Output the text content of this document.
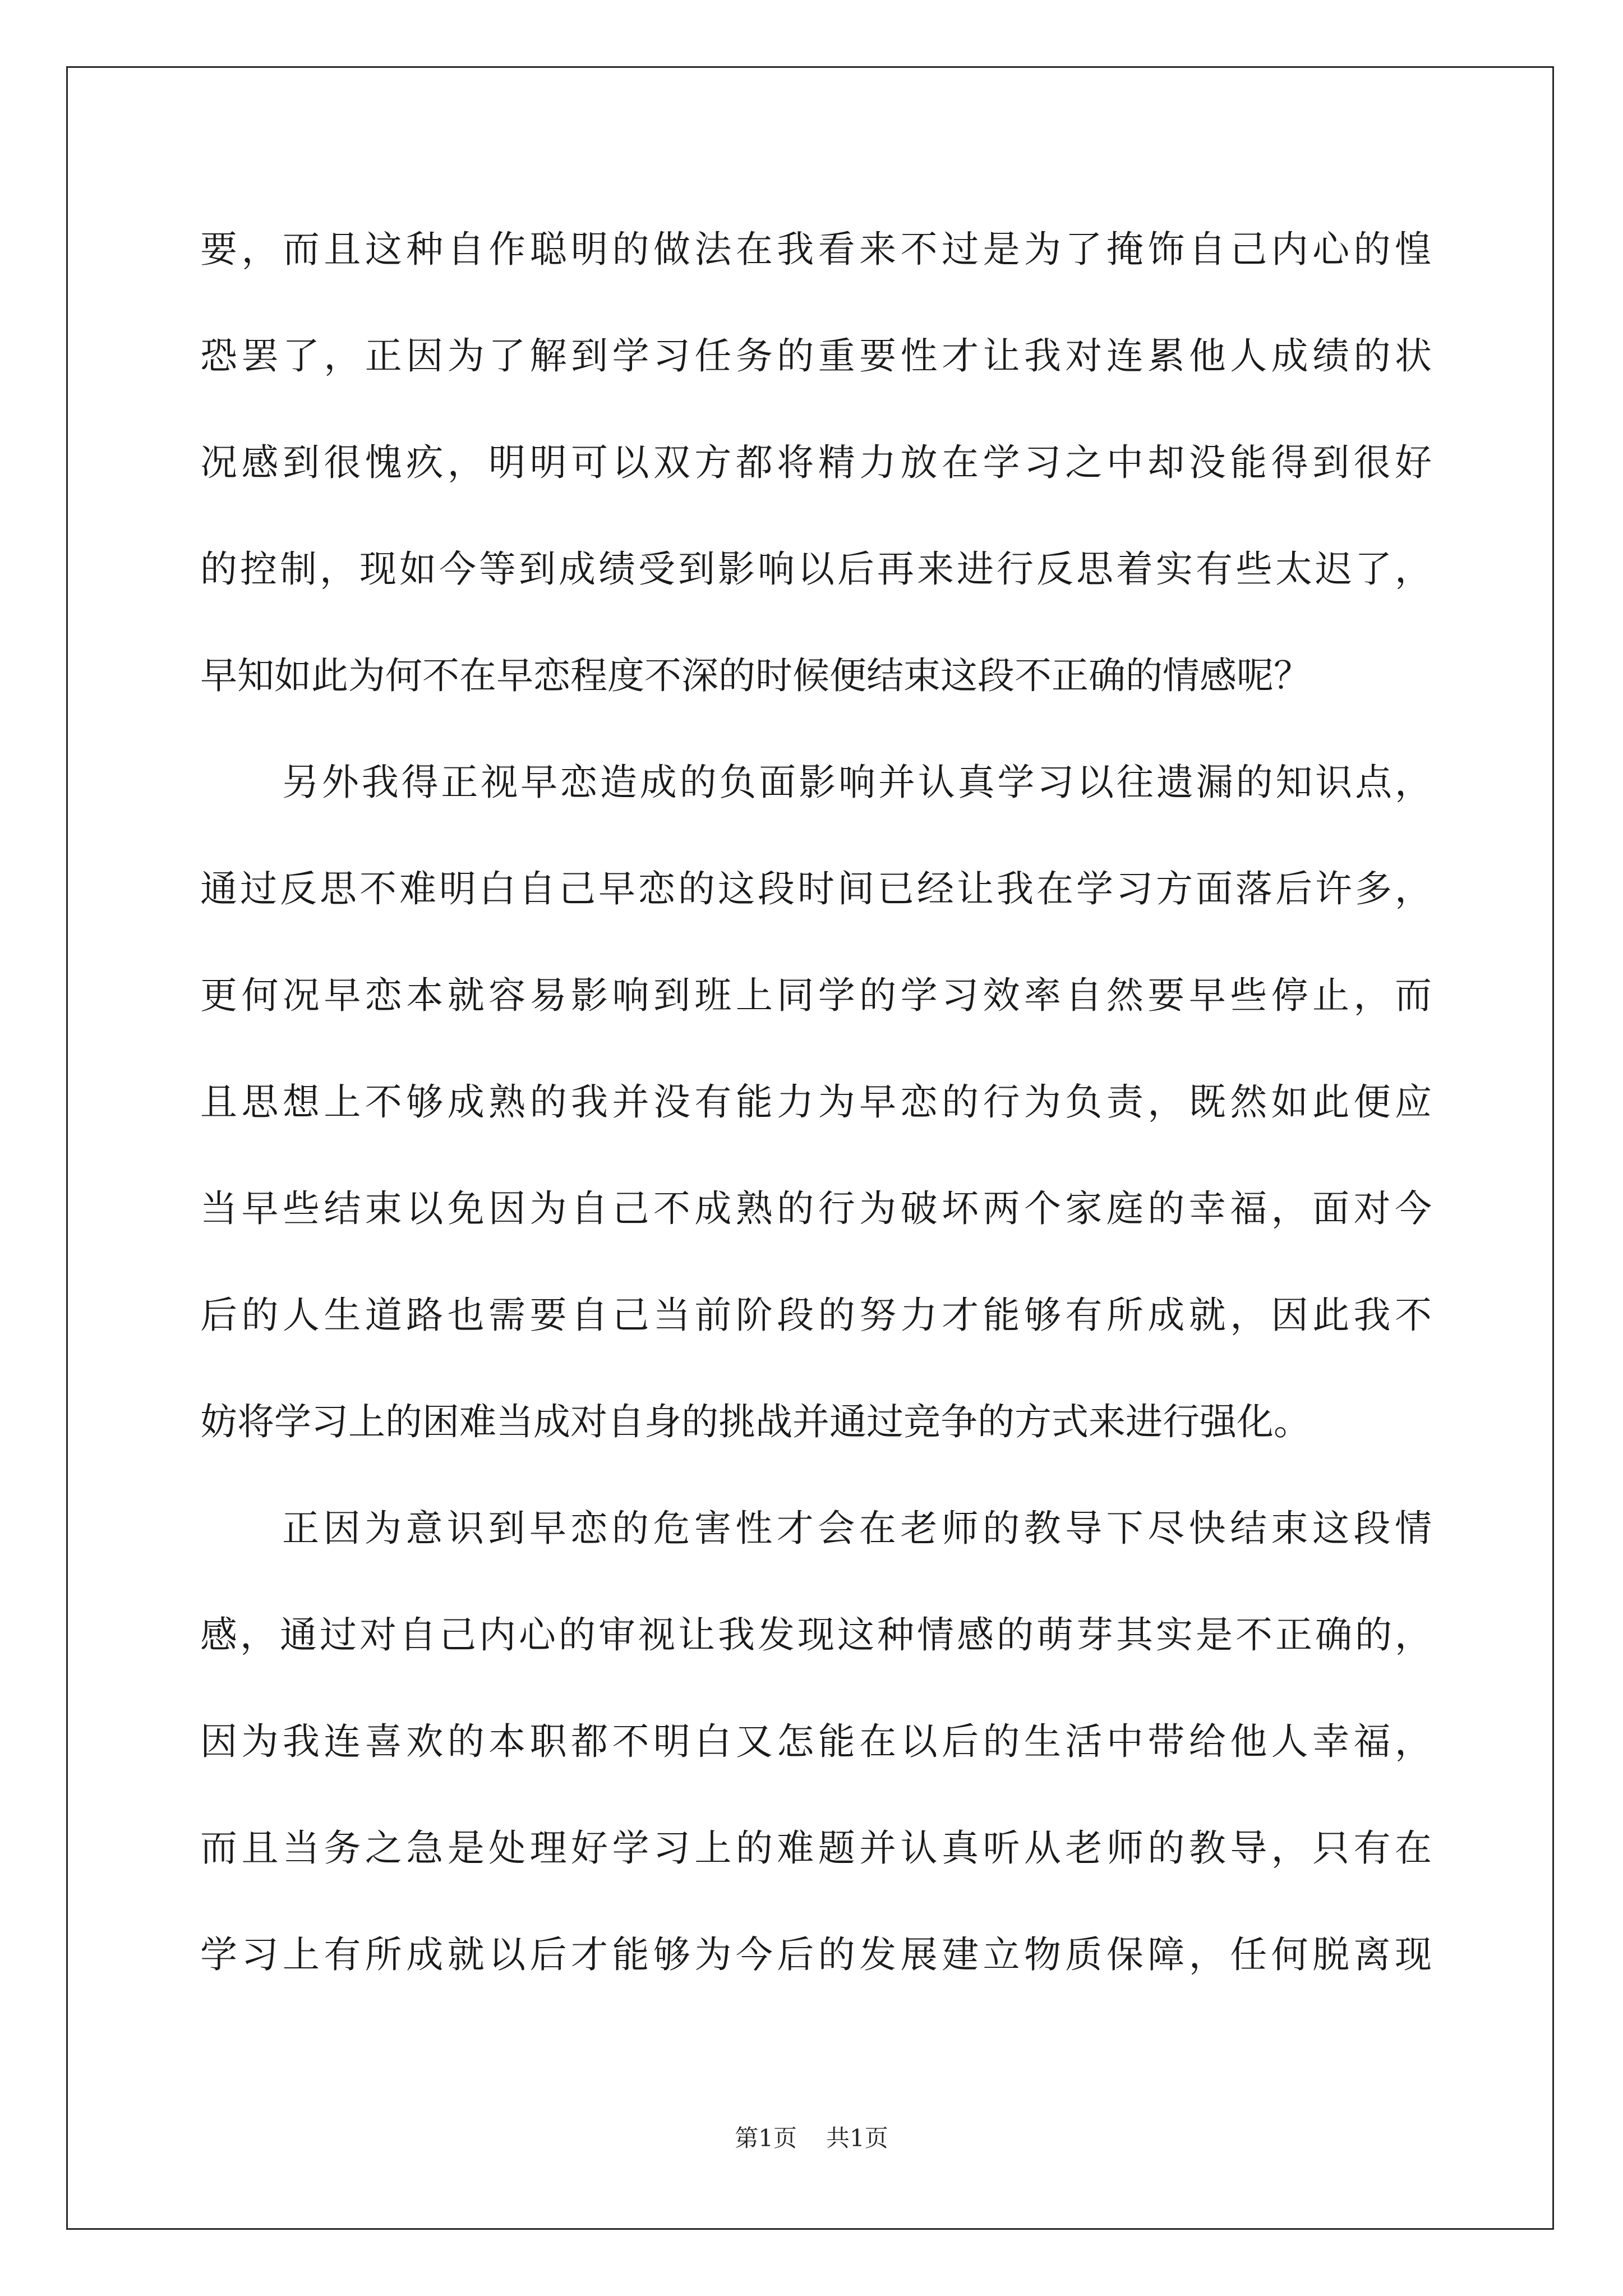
要，而且这种自作聪明的做法在我看来不过是为了掩饰自己内心的惶
恐罢了，正因为了解到学习任务的重要性才让我对连累他人成绩的状
况感到很愧疚，明明可以双方都将精力放在学习之中却没能得到很好
的控制，现如今等到成绩受到影响以后再来进行反思着实有些太迟了，
早知如此为何不在早恋程度不深的时候便结束这段不正确的情感呢？
另外我得正视早恋造成的负面影响并认真学习以往遗漏的知识点，
通过反思不难明白自己早恋的这段时间已经让我在学习方面落后许多，
更何况早恋本就容易影响到班上同学的学习效率自然要早些停止，而
且思想上不够成熟的我并没有能力为早恋的行为负责，既然如此便应
当早些结束以免因为自己不成熟的行为破坏两个家庭的幸福，面对今
后的人生道路也需要自己当前阶段的努力才能够有所成就，因此我不
妨将学习上的困难当成对自身的挑战并通过竞争的方式来进行强化。
正因为意识到早恋的危害性才会在老师的教导下尽快结束这段情
感，通过对自己内心的审视让我发现这种情感的萌芽其实是不正确的，
因为我连喜欢的本职都不明白又怎能在以后的生活中带给他人幸福，
而且当务之急是处理好学习上的难题并认真听从老师的教导，只有在
学习上有所成就以后才能够为今后的发展建立物质保障，任何脱离现
第1页 共1页
